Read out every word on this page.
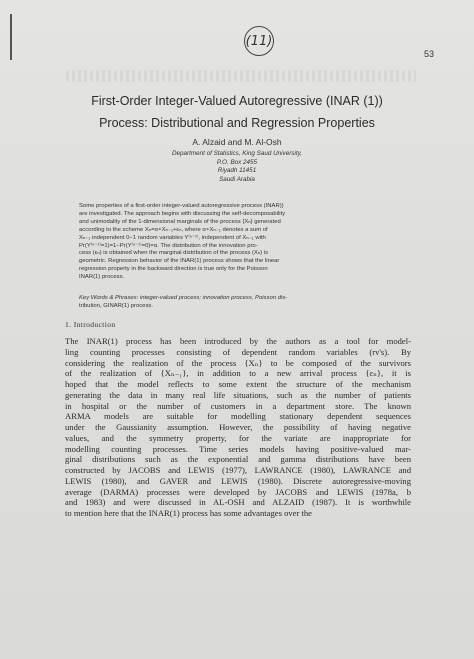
(11)
53
First-Order Integer-Valued Autoregressive (INAR (1))
Process: Distributional and Regression Properties
A. Alzaid and M. Al-Osh
Department of Statistics, King Saud University,
P.O. Box 2455
Riyadh 11451
Saudi Arabia
Some properties of a first-order integer-valued autoregressive process (INAR))
are investigated. The approach begins with discussing the self-decomposability
and unimodality of the 1-dimensional marginals of the process {Xₙ} generated
according to the scheme Xₙ=α∘Xₙ₋₁+εₙ, where α∘Xₙ₋₁ denotes a sum of
Xₙ₋₁ independent 0−1 random variables Y⁽ⁿ⁻¹⁾, independent of Xₙ₋₁ with
Pr(Y⁽ⁿ⁻¹⁾=1)=1−Pr(Y⁽ⁿ⁻¹⁾=0)=α. The distribution of the innovation pro-
cess (εₙ) is obtained when the marginal distribution of the process (Xₙ) is
geometric. Regression behavior of the INAR(1) process shows that the linear
regression property in the backward direction is true only for the Poisson
INAR(1) process.
Key Words & Phrases: integer-valued process; innovation process, Poisson dis-
tribution, GINAR(1) process.
1. Introduction
The INAR(1) process has been introduced by the authors as a tool for model-
ling counting processes consisting of dependent random variables (rv's). By
considering the realization of the process {Xₙ} to be composed of the survivors
of the realization of {Xₙ₋₁}, in addition to a new arrival process {εₙ}, it is
hoped that the model reflects to some extent the structure of the mechanism
generating the data in many real life situations, such as the number of patients
in hospital or the number of customers in a department store. The known
ARMA models are suitable for modelling stationary dependent sequences
under the Gaussianity assumption. However, the possibility of having negative
values, and the symmetry property, for the variate are inappropriate for
modelling counting processes. Time series models having positive-valued mar-
ginal distributions such as the exponential and gamma distributions have been
constructed by JACOBS and LEWIS (1977), LAWRANCE (1980), LAWRANCE and
LEWIS (1980), and GAVER and LEWIS (1980). Discrete autoregressive-moving
average (DARMA) processes were developed by JACOBS and LEWIS (1978a, b
and 1983) and were discussed in AL-OSH and ALZAID (1987). It is worthwhile
to mention here that the INAR(1) process has some advantages over the
